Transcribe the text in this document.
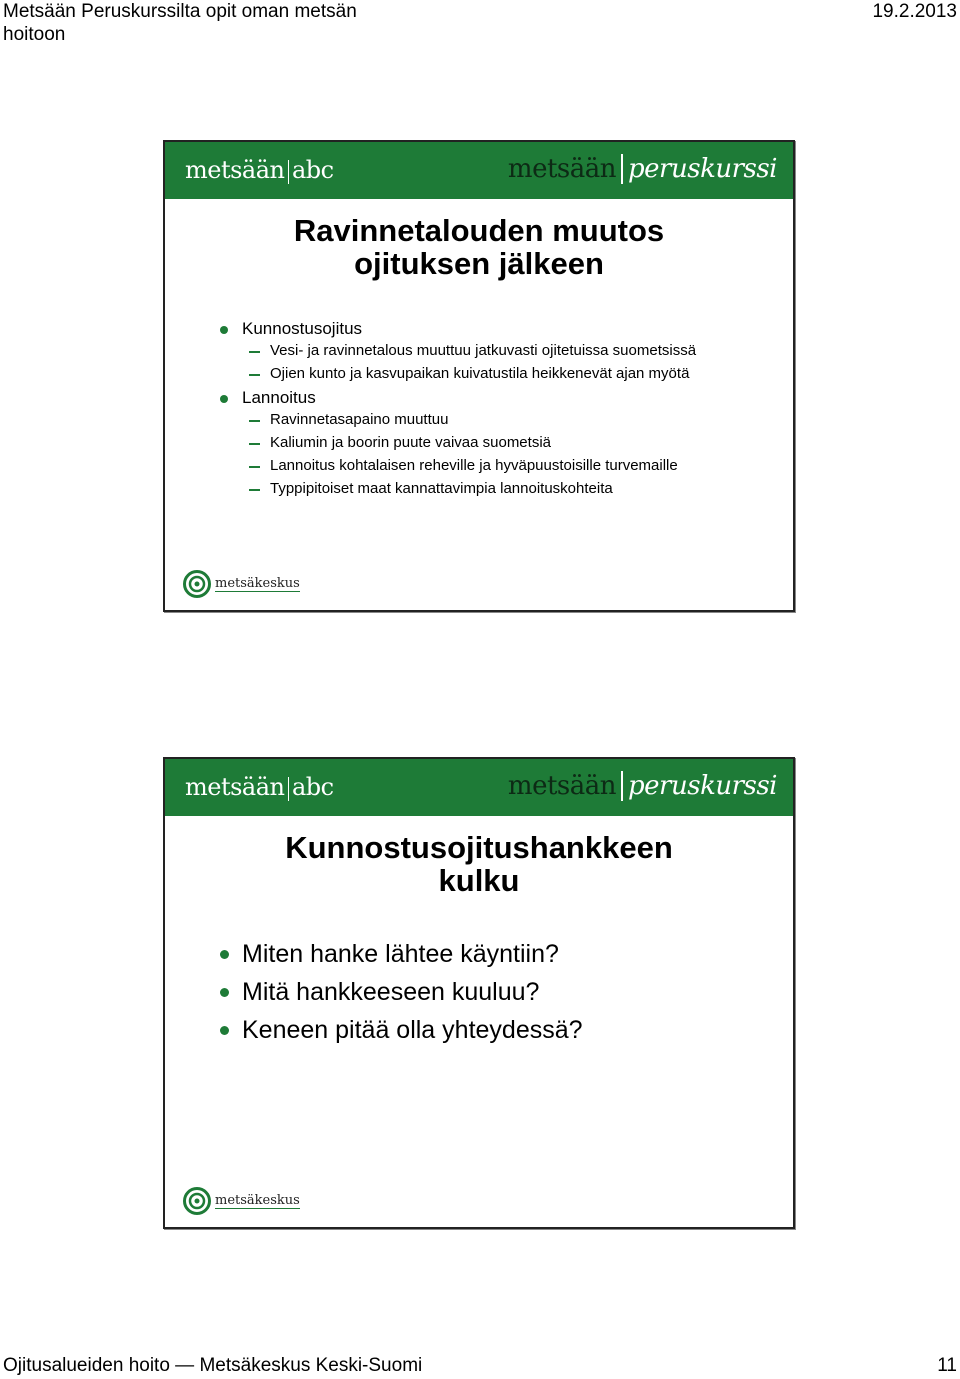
Metsään Peruskurssilta opit oman metsän hoitoon
19.2.2013
metsään abc	metsään peruskurssi
Ravinnetalouden muutos
ojituksen jälkeen
Kunnostusojitus
Vesi- ja ravinnetalous muuttuu jatkuvasti ojitetuissa suometsissä
Ojien kunto ja kasvupaikan kuivatustila heikkenevät ajan myötä
Lannoitus
Ravinnetasapaino muuttuu
Kaliumin ja boorin puute vaivaa suometsiä
Lannoitus kohtalaisen reheville ja hyväpuustoisille turvemaille
Typpipitoiset maat kannattavimpia lannoituskohteita
metsäkeskus
metsään abc	metsään peruskurssi
Kunnostusojitushankkeen
kulku
Miten hanke lähtee käyntiin?
Mitä hankkeeseen kuuluu?
Keneen pitää olla yhteydessä?
metsäkeskus
Ojitusalueiden hoito — Metsäkeskus Keski-Suomi	11
